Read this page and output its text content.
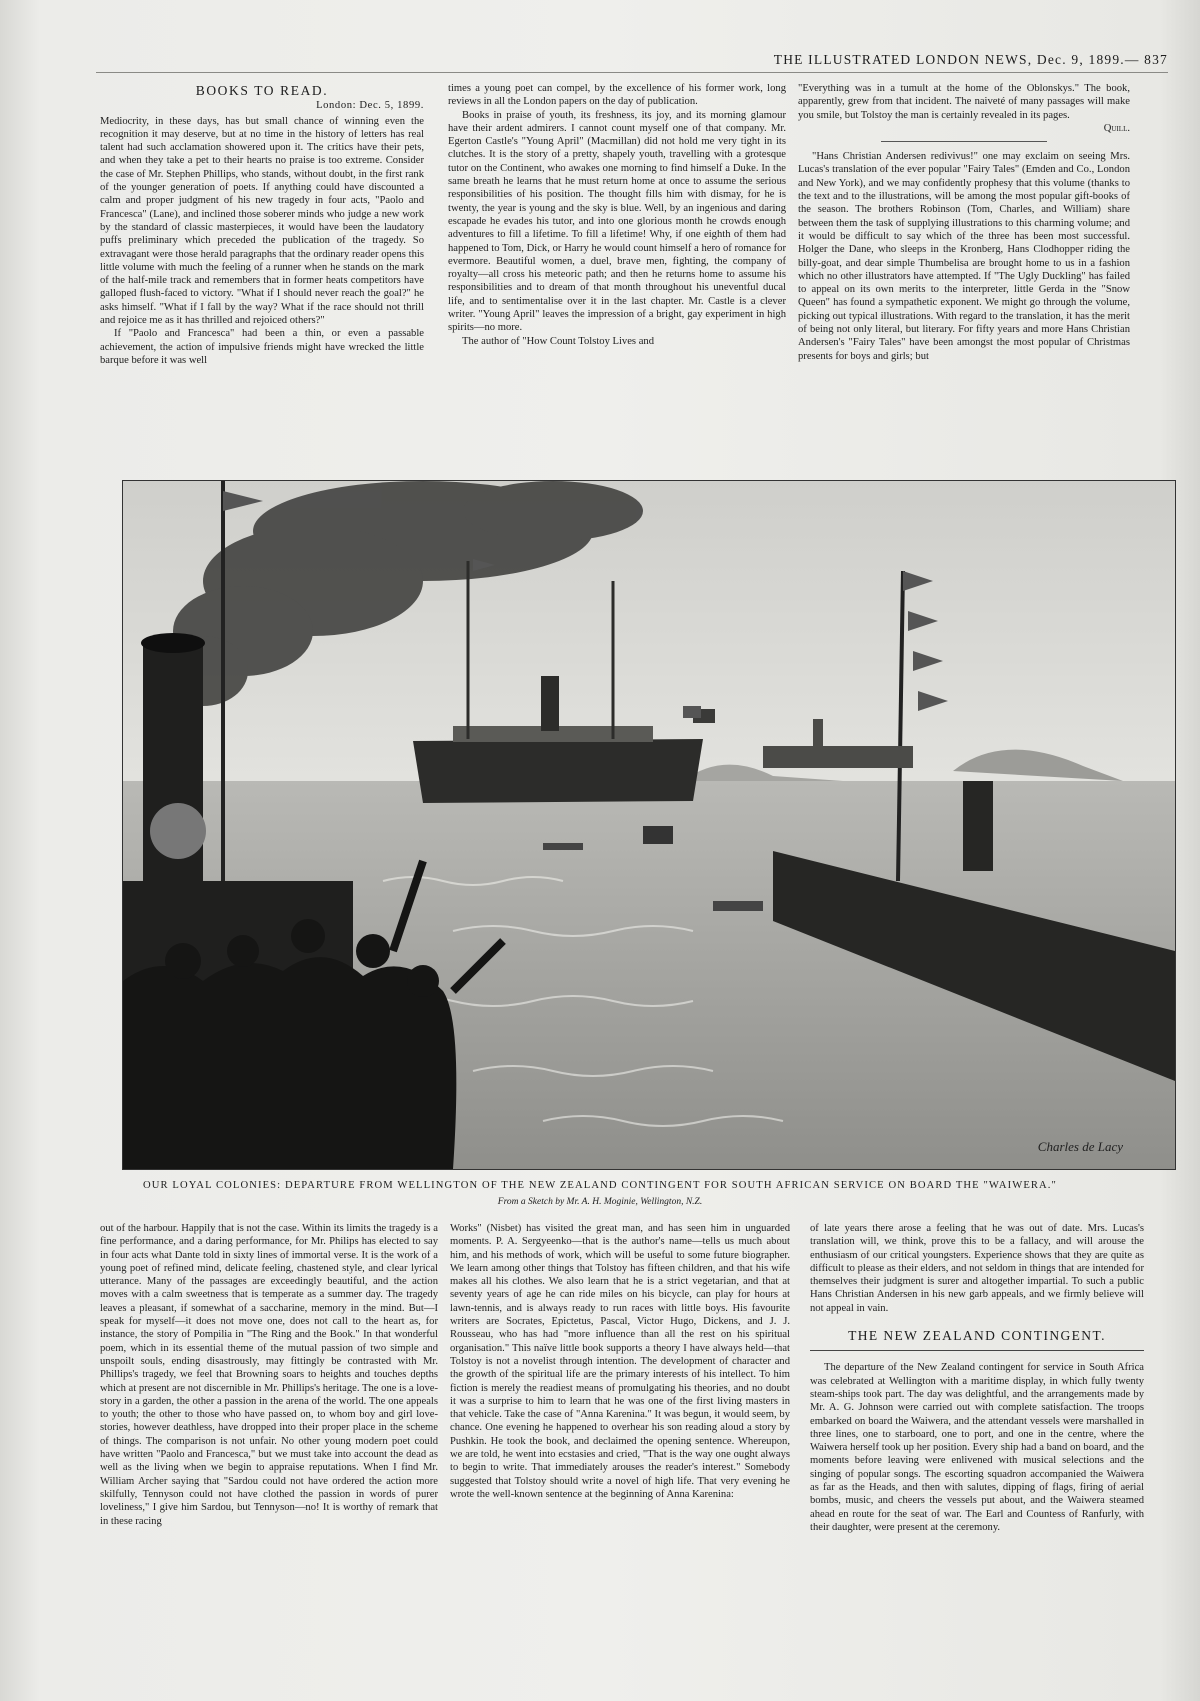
THE ILLUSTRATED LONDON NEWS, Dec. 9, 1899.— 837
BOOKS TO READ.
London: Dec. 5, 1899.

Mediocrity, in these days, has but small chance of winning even the recognition it may deserve, but at no time in the history of letters has real talent had such acclamation showered upon it. The critics have their pets, and when they take a pet to their hearts no praise is too extreme. Consider the case of Mr. Stephen Phillips, who stands, without doubt, in the first rank of the younger generation of poets. If anything could have discounted a calm and proper judgment of his new tragedy in four acts, "Paolo and Francesca" (Lane), and inclined those soberer minds who judge a new work by the standard of classic masterpieces, it would have been the laudatory puffs preliminary which preceded the publication of the tragedy. So extravagant were those herald paragraphs that the ordinary reader opens this little volume with much the feeling of a runner when he stands on the mark of the half-mile track and remembers that in former heats competitors have galloped flush-faced to victory. "What if I should never reach the goal?" he asks himself. "What if I fall by the way? What if the race should not thrill and rejoice me as it has thrilled and rejoiced others?"

If "Paolo and Francesca" had been a thin, or even a passable achievement, the action of impulsive friends might have wrecked the little barque before it was well

times a young poet can compel, by the excellence of his former work, long reviews in all the London papers on the day of publication.

Books in praise of youth, its freshness, its joy, and its morning glamour have their ardent admirers. I cannot count myself one of that company. Mr. Egerton Castle's "Young April" (Macmillan) did not hold me very tight in its clutches. It is the story of a pretty, shapely youth, travelling with a grotesque tutor on the Continent, who awakes one morning to find himself a Duke. In the same breath he learns that he must return home at once to assume the serious responsibilities of his position. The thought fills him with dismay, for he is twenty, the year is young and the sky is blue. Well, by an ingenious and daring escapade he evades his tutor, and into one glorious month he crowds enough adventures to fill a lifetime. To fill a lifetime! Why, if one eighth of them had happened to Tom, Dick, or Harry he would count himself a hero of romance for evermore. Beautiful women, a duel, brave men, fighting, the company of royalty—all cross his meteoric path; and then he returns home to assume his responsibilities and to dream of that month throughout his uneventful ducal life, and to sentimentalise over it in the last chapter. Mr. Castle is a clever writer. "Young April" leaves the impression of a bright, gay experiment in high spirits—no more.

The author of "How Count Tolstoy Lives and

"Everything was in a tumult at the home of the Oblonskys." The book, apparently, grew from that incident. The naiveté of many passages will make you smile, but Tolstoy the man is certainly revealed in its pages.

Quill.

"Hans Christian Andersen redivivus!" one may exclaim on seeing Mrs. Lucas's translation of the ever popular "Fairy Tales" (Emden and Co., London and New York), and we may confidently prophesy that this volume (thanks to the text and to the illustrations, will be among the most popular gift-books of the season. The brothers Robinson (Tom, Charles, and William) share between them the task of supplying illustrations to this charming volume; and it would be difficult to say which of the three has been most successful. Holger the Dane, who sleeps in the Kronberg, Hans Clodhopper riding the billy-goat, and dear simple Thumbelisa are brought home to us in a fashion which no other illustrators have attempted. If "The Ugly Duckling" has failed to appeal on its own merits to the interpreter, little Gerda in the "Snow Queen" has found a sympathetic exponent. We might go through the volume, picking out typical illustrations. With regard to the translation, it has the merit of being not only literal, but literary. For fifty years and more Hans Christian Andersen's "Fairy Tales" have been amongst the most popular of Christmas presents for boys and girls; but

Charles de Lacy
OUR LOYAL COLONIES: DEPARTURE FROM WELLINGTON OF THE NEW ZEALAND CONTINGENT FOR SOUTH AFRICAN SERVICE ON BOARD THE "WAIWERA."
From a Sketch by Mr. A. H. Moginie, Wellington, N.Z.

out of the harbour. Happily that is not the case. Within its limits the tragedy is a fine performance, and a daring performance, for Mr. Philips has elected to say in four acts what Dante told in sixty lines of immortal verse. It is the work of a young poet of refined mind, delicate feeling, chastened style, and clear lyrical utterance. Many of the passages are exceedingly beautiful, and the action moves with a calm sweetness that is temperate as a summer day. The tragedy leaves a pleasant, if somewhat of a saccharine, memory in the mind. But—I speak for myself—it does not move one, does not call to the heart as, for instance, the story of Pompilia in "The Ring and the Book." In that wonderful poem, which in its essential theme of the mutual passion of two simple and unspoilt souls, ending disastrously, may fittingly be contrasted with Mr. Phillips's tragedy, we feel that Browning soars to heights and touches depths which at present are not discernible in Mr. Phillips's heritage. The one is a love-story in a garden, the other a passion in the arena of the world. The one appeals to youth; the other to those who have passed on, to whom boy and girl love-stories, however deathless, have dropped into their proper place in the scheme of things. The comparison is not unfair. No other young modern poet could have written "Paolo and Francesca," but we must take into account the dead as well as the living when we begin to appraise reputations. When I find Mr. William Archer saying that "Sardou could not have ordered the action more skilfully, Tennyson could not have clothed the passion in words of purer loveliness," I give him Sardou, but Tennyson—no! It is worthy of remark that in these racing

Works" (Nisbet) has visited the great man, and has seen him in unguarded moments. P. A. Sergyeenko—that is the author's name—tells us much about him, and his methods of work, which will be useful to some future biographer. We learn among other things that Tolstoy has fifteen children, and that his wife makes all his clothes. We also learn that he is a strict vegetarian, and that at seventy years of age he can ride miles on his bicycle, can play for hours at lawn-tennis, and is always ready to run races with little boys. His favourite writers are Socrates, Epictetus, Pascal, Victor Hugo, Dickens, and J. J. Rousseau, who has had "more influence than all the rest on his spiritual organisation." This naïve little book supports a theory I have always held—that Tolstoy is not a novelist through intention. The development of character and the growth of the spiritual life are the primary interests of his intellect. To him fiction is merely the readiest means of promulgating his theories, and no doubt it was a surprise to him to learn that he was one of the first living masters in that vehicle. Take the case of "Anna Karenina." It was begun, it would seem, by chance. One evening he happened to overhear his son reading aloud a story by Pushkin. He took the book, and declaimed the opening sentence. Whereupon, we are told, he went into ecstasies and cried, "That is the way one ought always to begin to write. That immediately arouses the reader's interest." Somebody suggested that Tolstoy should write a novel of high life. That very evening he wrote the well-known sentence at the beginning of Anna Karenina:

of late years there arose a feeling that he was out of date. Mrs. Lucas's translation will, we think, prove this to be a fallacy, and will arouse the enthusiasm of our critical youngsters. Experience shows that they are quite as difficult to please as their elders, and not seldom in things that are intended for themselves their judgment is surer and altogether impartial. To such a public Hans Christian Andersen in his new garb appeals, and we firmly believe will not appeal in vain.

THE NEW ZEALAND CONTINGENT.

The departure of the New Zealand contingent for service in South Africa was celebrated at Wellington with a maritime display, in which fully twenty steam-ships took part. The day was delightful, and the arrangements made by Mr. A. G. Johnson were carried out with complete satisfaction. The troops embarked on board the Waiwera, and the attendant vessels were marshalled in three lines, one to starboard, one to port, and one in the centre, where the Waiwera herself took up her position. Every ship had a band on board, and the moments before leaving were enlivened with musical selections and the singing of popular songs. The escorting squadron accompanied the Waiwera as far as the Heads, and then with salutes, dipping of flags, firing of aerial bombs, music, and cheers the vessels put about, and the Waiwera steamed ahead en route for the seat of war. The Earl and Countess of Ranfurly, with their daughter, were present at the ceremony.
